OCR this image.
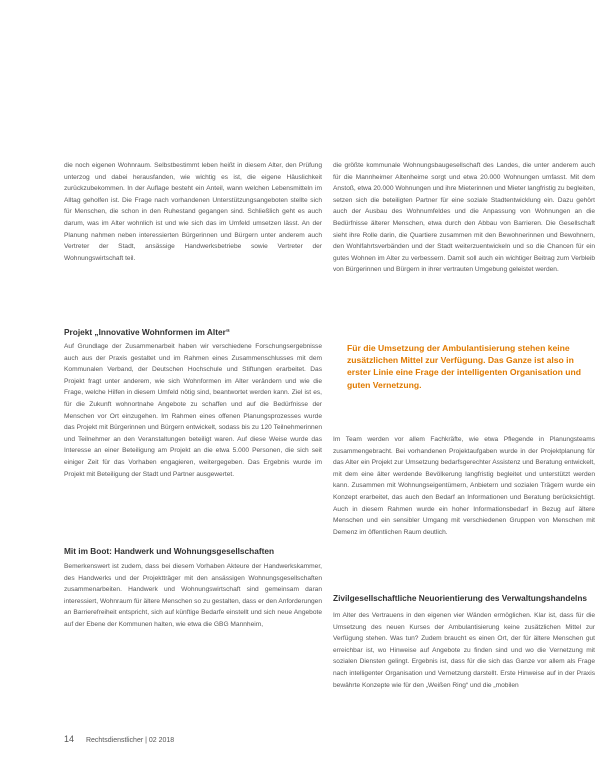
die noch eigenen Wohnraum. Selbstbestimmt leben heißt in diesem Alter, den Prüfung unterzog und dabei herausfanden, wie wichtig es ist, die eigene Häuslichkeit zurückzubekommen. In der Auflage besteht ein Anteil, wann welchen Lebensmitteln im Alltag geholfen ist. Die Frage nach vorhandenen Unterstützungsangeboten stellte sich für Menschen, die schon in den Ruhestand gegangen sind. Schließlich geht es auch darum, was im Alter wohnlich ist und wie sich das im Umfeld umsetzen lässt. An der Planung nahmen neben interessierten Bürgerinnen und Bürgern unter anderem auch Vertreter der Stadt, ansässige Handwerksbetriebe sowie Vertreter der Wohnungswirtschaft teil.

Projekt „Innovative Wohnformen im Alter“

Auf Grundlage der Zusammenarbeit haben wir verschiedene Forschungsergebnisse auch aus der Praxis gestaltet und im Rahmen eines Zusammenschlusses mit dem Kommunalen Verband, der Deutschen Hochschule und Stiftungen erarbeitet. Das Projekt fragt unter anderem, wie sich Wohnformen im Alter verändern und wie die Frage, welche Hilfen in diesem Umfeld nötig sind, beantwortet werden kann. Ziel ist es, für die Zukunft wohnortnahe Angebote zu schaffen und auf die Bedürfnisse der Menschen vor Ort einzugehen. Im Rahmen eines offenen Planungsprozesses wurde das Projekt mit Bürgerinnen und Bürgern entwickelt, sodass bis zu 120 Teilnehmerinnen und Teilnehmer an den Veranstaltungen beteiligt waren. Auf diese Weise wurde das Interesse an einer Beteiligung am Projekt an die etwa 5.000 Personen, die sich seit einiger Zeit für das Vorhaben engagieren, weitergegeben. Das Ergebnis wurde im Projekt mit Beteiligung der Stadt und Partner ausgewertet.

Mit im Boot: Handwerk und Wohnungsgesellschaften

Bemerkenswert ist zudem, dass bei diesem Vorhaben Akteure der Handwerkskammer, des Handwerks und der Projektträger mit den ansässigen Wohnungsgesellschaften zusammenarbeiten. Handwerk und Wohnungswirtschaft sind gemeinsam daran interessiert, Wohnraum für ältere Menschen so zu gestalten, dass er den Anforderungen an Barrierefreiheit entspricht, sich auf künftige Bedarfe einstellt und sich neue Angebote auf der Ebene der Kommunen halten, wie etwa die GBG Mannheim,

die größte kommunale Wohnungsbaugesellschaft des Landes, die unter anderem auch für die Mannheimer Altenheime sorgt und etwa 20.000 Wohnungen umfasst. Mit dem Anstoß, etwa 20.000 Wohnungen und ihre Mieterinnen und Mieter langfristig zu begleiten, setzen sich die beteiligten Partner für eine soziale Stadtentwicklung ein. Dazu gehört auch der Ausbau des Wohnumfeldes und die Anpassung von Wohnungen an die Bedürfnisse älterer Menschen, etwa durch den Abbau von Barrieren. Die Gesellschaft sieht ihre Rolle darin, die Quartiere zusammen mit den Bewohnerinnen und Bewohnern, den Wohlfahrtsverbänden und der Stadt weiterzuentwickeln und so die Chancen für ein gutes Wohnen im Alter zu verbessern. Damit soll auch ein wichtiger Beitrag zum Verbleib von Bürgerinnen und Bürgern in ihrer vertrauten Umgebung geleistet werden.

Für die Umsetzung der Ambulantisierung stehen keine zusätzlichen Mittel zur Verfügung. Das Ganze ist also in erster Linie eine Frage der intelligenten Organisation und guten Vernetzung.

Im Team werden vor allem Fachkräfte, wie etwa Pflegende in Planungsteams zusammengebracht. Bei vorhandenen Projektaufgaben wurde in der Projektplanung für das Alter ein Projekt zur Umsetzung bedarfsgerechter Assistenz und Beratung entwickelt, mit dem eine älter werdende Bevölkerung langfristig begleitet und unterstützt werden kann. Zusammen mit Wohnungseigentümern, Anbietern und sozialen Trägern wurde ein Konzept erarbeitet, das auch den Bedarf an Informationen und Beratung berücksichtigt. Auch in diesem Rahmen wurde ein hoher Informationsbedarf in Bezug auf ältere Menschen und ein sensibler Umgang mit verschiedenen Gruppen von Menschen mit Demenz im öffentlichen Raum deutlich.

Zivilgesellschaftliche Neuorientierung des Verwaltungshandelns

Im Alter des Vertrauens in den eigenen vier Wänden ermöglichen. Klar ist, dass für die Umsetzung des neuen Kurses der Ambulantisierung keine zusätzlichen Mittel zur Verfügung stehen. Was tun? Zudem braucht es einen Ort, der für ältere Menschen gut erreichbar ist, wo Hinweise auf Angebote zu finden sind und wo die Vernetzung mit sozialen Diensten gelingt. Ergebnis ist, dass für die sich das Ganze vor allem als Frage nach intelligenter Organisation und Vernetzung darstellt. Erste Hinweise auf in der Praxis bewährte Konzepte wie für den „Weißen Ring“ und die „mobilen

14 Rechtsdienstlicher | 02 2018
